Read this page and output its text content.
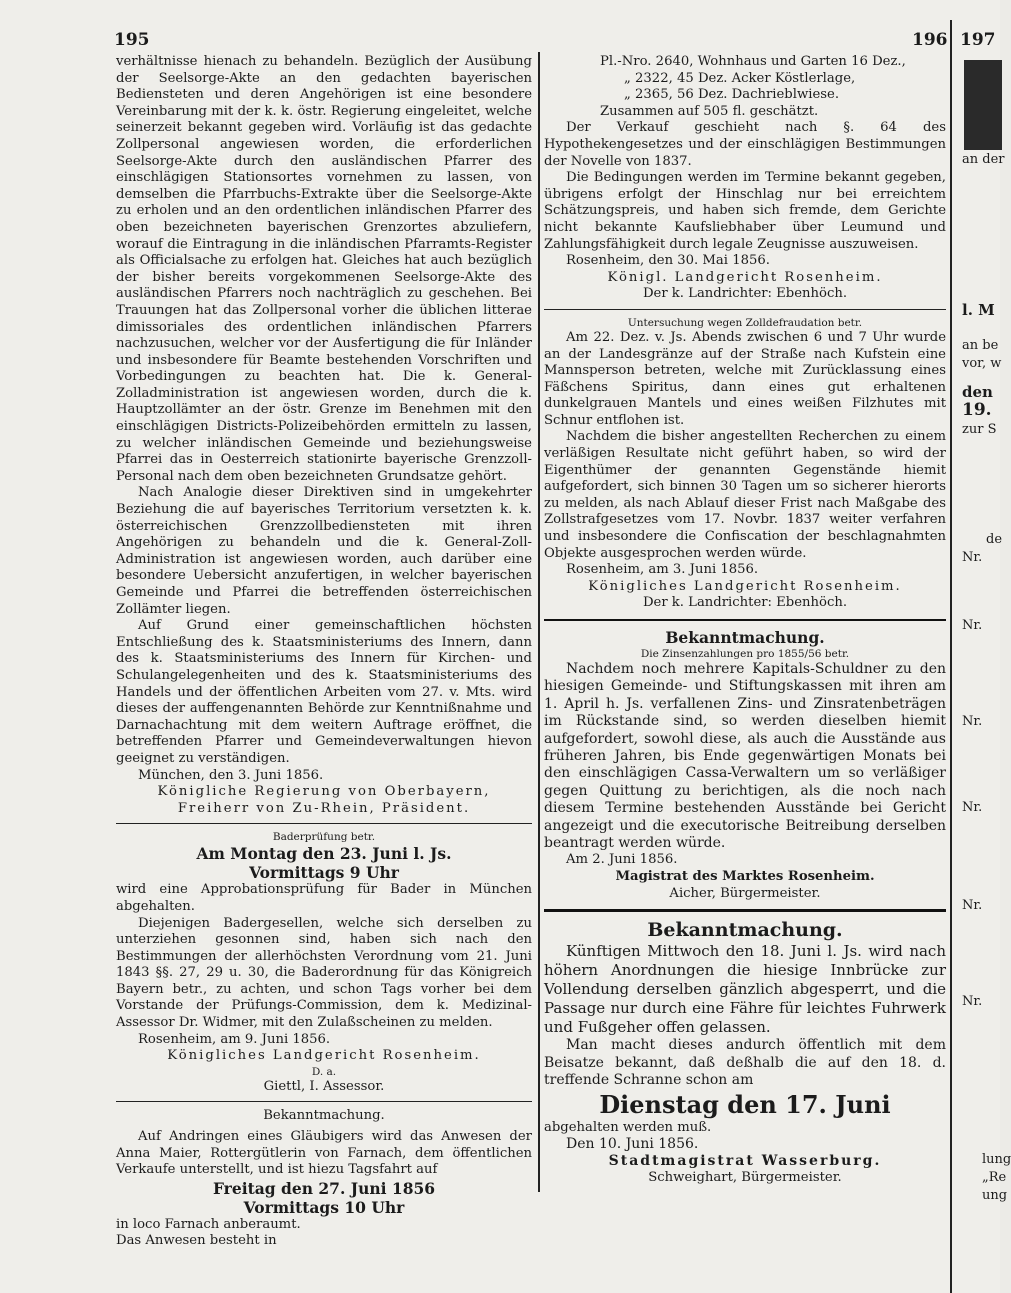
195	196 197

verhältnisse hienach zu behandeln. Bezüglich der Ausübung der Seelsorge-Akte an den gedachten bayerischen Bediensteten und deren Angehörigen ist eine besondere Vereinbarung mit der k. k. östr. Regierung eingeleitet, welche seinerzeit bekannt gegeben wird. Vorläufig ist das gedachte Zollpersonal angewiesen worden, die erforderlichen Seelsorge-Akte durch den ausländischen Pfarrer des einschlägigen Stationsortes vornehmen zu lassen, von demselben die Pfarrbuchs-Extrakte über die Seelsorge-Akte zu erholen und an den ordentlichen inländischen Pfarrer des oben bezeichneten bayerischen Grenzortes abzuliefern, worauf die Eintragung in die inländischen Pfarramts-Register als Officialsache zu erfolgen hat. Gleiches hat auch bezüglich der bisher bereits vorgekommenen Seelsorge-Akte des ausländischen Pfarrers noch nachträglich zu geschehen. Bei Trauungen hat das Zollpersonal vorher die üblichen litterae dimissoriales des ordentlichen inländischen Pfarrers nachzusuchen, welcher vor der Ausfertigung die für Inländer und insbesondere für Beamte bestehenden Vorschriften und Vorbedingungen zu beachten hat. Die k. General-Zolladministration ist angewiesen worden, durch die k. Hauptzollämter an der östr. Grenze im Benehmen mit den einschlägigen Districts-Polizeibehörden ermitteln zu lassen, zu welcher inländischen Gemeinde und beziehungsweise Pfarrei das in Oesterreich stationirte bayerische Grenzzoll-Personal nach dem oben bezeichneten Grundsatze gehört.

Nach Analogie dieser Direktiven sind in umgekehrter Beziehung die auf bayerisches Territorium versetzten k. k. österreichischen Grenzzollbediensteten mit ihren Angehörigen zu behandeln und die k. General-Zoll-Administration ist angewiesen worden, auch darüber eine besondere Uebersicht anzufertigen, in welcher bayerischen Gemeinde und Pfarrei die betreffenden österreichischen Zollämter liegen.

Auf Grund einer gemeinschaftlichen höchsten Entschließung des k. Staatsministeriums des Innern, dann des k. Staatsministeriums des Innern für Kirchen- und Schulangelegenheiten und des k. Staatsministeriums des Handels und der öffentlichen Arbeiten vom 27. v. Mts. wird dieses der auffengenannten Behörde zur Kenntnißnahme und Darnachachtung mit dem weitern Auftrage eröffnet, die betreffenden Pfarrer und Gemeindeverwaltungen hievon geeignet zu verständigen.

München, den 3. Juni 1856.

Königliche Regierung von Oberbayern,

Freiherr von Zu-Rhein, Präsident.

Baderprüfung betr.

Am Montag den 23. Juni l. Js.

Vormittags 9 Uhr

wird eine Approbationsprüfung für Bader in München abgehalten.

Diejenigen Badergesellen, welche sich derselben zu unterziehen gesonnen sind, haben sich nach den Bestimmungen der allerhöchsten Verordnung vom 21. Juni 1843 §§. 27, 29 u. 30, die Baderordnung für das Königreich Bayern betr., zu achten, und schon Tags vorher bei dem Vorstande der Prüfungs-Commission, dem k. Medizinal-Assessor Dr. Widmer, mit den Zulaßscheinen zu melden.

Rosenheim, am 9. Juni 1856.

Königliches Landgericht Rosenheim.

D. a.

Giettl, I. Assessor.

Bekanntmachung.

Auf Andringen eines Gläubigers wird das Anwesen der Anna Maier, Rottergütlerin von Farnach, dem öffentlichen Verkaufe unterstellt, und ist hiezu Tagsfahrt auf

Freitag den 27. Juni 1856

Vormittags 10 Uhr

in loco Farnach anberaumt.

Das Anwesen besteht in

Pl.-Nro. 2640, Wohnhaus und Garten 16 Dez.,

„ 2322, 45 Dez. Acker Köstlerlage,

„ 2365, 56 Dez. Dachrieblwiese.

Zusammen auf 505 fl. geschätzt.

Der Verkauf geschieht nach §. 64 des Hypothekengesetzes und der einschlägigen Bestimmungen der Novelle von 1837.

Die Bedingungen werden im Termine bekannt gegeben, übrigens erfolgt der Hinschlag nur bei erreichtem Schätzungspreis, und haben sich fremde, dem Gerichte nicht bekannte Kaufsliebhaber über Leumund und Zahlungsfähigkeit durch legale Zeugnisse auszuweisen.

Rosenheim, den 30. Mai 1856.

Königl. Landgericht Rosenheim.

Der k. Landrichter: Ebenhöch.

Untersuchung wegen Zolldefraudation betr.

Am 22. Dez. v. Js. Abends zwischen 6 und 7 Uhr wurde an der Landesgränze auf der Straße nach Kufstein eine Mannsperson betreten, welche mit Zurücklassung eines Fäßchens Spiritus, dann eines gut erhaltenen dunkelgrauen Mantels und eines weißen Filzhutes mit Schnur entflohen ist.

Nachdem die bisher angestellten Recherchen zu einem verläßigen Resultate nicht geführt haben, so wird der Eigenthümer der genannten Gegenstände hiemit aufgefordert, sich binnen 30 Tagen um so sicherer hierorts zu melden, als nach Ablauf dieser Frist nach Maßgabe des Zollstrafgesetzes vom 17. Novbr. 1837 weiter verfahren und insbesondere die Confiscation der beschlagnahmten Objekte ausgesprochen werden würde.

Rosenheim, am 3. Juni 1856.

Königliches Landgericht Rosenheim.

Der k. Landrichter: Ebenhöch.

Bekanntmachung.

Die Zinsenzahlungen pro 1855/56 betr.

Nachdem noch mehrere Kapitals-Schuldner zu den hiesigen Gemeinde- und Stiftungskassen mit ihren am 1. April h. Js. verfallenen Zins- und Zinsratenbeträgen im Rückstande sind, so werden dieselben hiemit aufgefordert, sowohl diese, als auch die Ausstände aus früheren Jahren, bis Ende gegenwärtigen Monats bei den einschlägigen Cassa-Verwaltern um so verläßiger gegen Quittung zu berichtigen, als die noch nach diesem Termine bestehenden Ausstände bei Gericht angezeigt und die executorische Beitreibung derselben beantragt werden würde.

Am 2. Juni 1856.

Magistrat des Marktes Rosenheim.

Aicher, Bürgermeister.

Bekanntmachung.

Künftigen Mittwoch den 18. Juni l. Js. wird nach höhern Anordnungen die hiesige Innbrücke zur Vollendung derselben gänzlich abgesperrt, und die Passage nur durch eine Fähre für leichtes Fuhrwerk und Fußgeher offen gelassen.

Man macht dieses andurch öffentlich mit dem Beisatze bekannt, daß deßhalb die auf den 18. d. treffende Schranne schon am

Dienstag den 17. Juni

abgehalten werden muß.

Den 10. Juni 1856.

Stadtmagistrat Wasserburg.

Schweighart, Bürgermeister.

an der
l. M
an be
vor, w
den
19.
zur S
de
Nr.
Nr.
Nr.
Nr.
Nr.
Nr.
lung
„Re
ung
